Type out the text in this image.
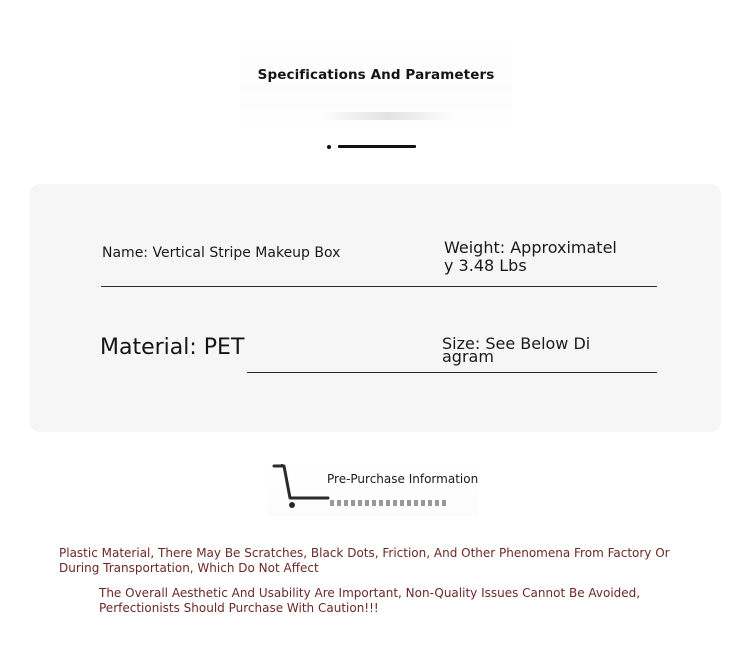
Specifications And Parameters
Name: Vertical Stripe Makeup Box	Weight: Approximately 3.48 Lbs
Material: PET	Size: See Below Diagram
Pre-Purchase Information
Plastic Material, There May Be Scratches, Black Dots, Friction, And Other Phenomena From Factory Or During Transportation, Which Do Not Affect
The Overall Aesthetic And Usability Are Important, Non-Quality Issues Cannot Be Avoided, Perfectionists Should Purchase With Caution!!!
